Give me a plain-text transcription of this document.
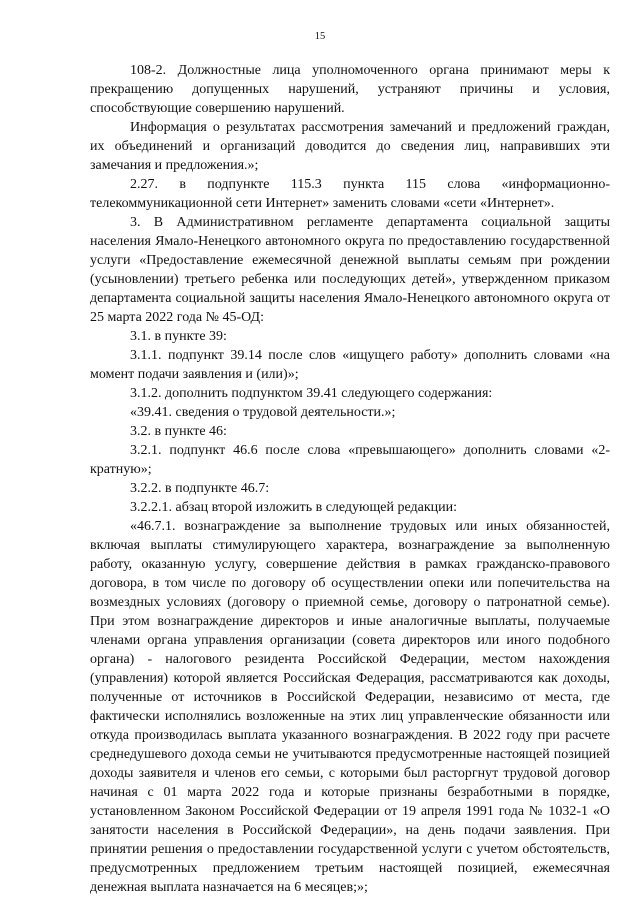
15

108-2. Должностные лица уполномоченного органа принимают меры к прекращению допущенных нарушений, устраняют причины и условия, способствующие совершению нарушений.

Информация о результатах рассмотрения замечаний и предложений граждан, их объединений и организаций доводится до сведения лиц, направивших эти замечания и предложения.»;

2.27. в подпункте 115.3 пункта 115 слова «информационно-телекоммуникационной сети Интернет» заменить словами «сети «Интернет».

3. В Административном регламенте департамента социальной защиты населения Ямало-Ненецкого автономного округа по предоставлению государственной услуги «Предоставление ежемесячной денежной выплаты семьям при рождении (усыновлении) третьего ребенка или последующих детей», утвержденном приказом департамента социальной защиты населения Ямало-Ненецкого автономного округа от 25 марта 2022 года № 45-ОД:

3.1. в пункте 39:

3.1.1. подпункт 39.14 после слов «ищущего работу» дополнить словами «на момент подачи заявления и (или)»;

3.1.2. дополнить подпунктом 39.41 следующего содержания:

«39.41. сведения о трудовой деятельности.»;

3.2. в пункте 46:

3.2.1. подпункт 46.6 после слова «превышающего» дополнить словами «2-кратную»;

3.2.2. в подпункте 46.7:

3.2.2.1. абзац второй изложить в следующей редакции:

«46.7.1. вознаграждение за выполнение трудовых или иных обязанностей, включая выплаты стимулирующего характера, вознаграждение за выполненную работу, оказанную услугу, совершение действия в рамках гражданско-правового договора, в том числе по договору об осуществлении опеки или попечительства на возмездных условиях (договору о приемной семье, договору о патронатной семье). При этом вознаграждение директоров и иные аналогичные выплаты, получаемые членами органа управления организации (совета директоров или иного подобного органа) - налогового резидента Российской Федерации, местом нахождения (управления) которой является Российская Федерация, рассматриваются как доходы, полученные от источников в Российской Федерации, независимо от места, где фактически исполнялись возложенные на этих лиц управленческие обязанности или откуда производилась выплата указанного вознаграждения. В 2022 году при расчете среднедушевого дохода семьи не учитываются предусмотренные настоящей позицией доходы заявителя и членов его семьи, с которыми был расторгнут трудовой договор начиная с 01 марта 2022 года и которые признаны безработными в порядке, установленном Законом Российской Федерации от 19 апреля 1991 года № 1032-1 «О занятости населения в Российской Федерации», на день подачи заявления. При принятии решения о предоставлении государственной услуги с учетом обстоятельств, предусмотренных предложением третьим настоящей позицией, ежемесячная денежная выплата назначается на 6 месяцев;»;
